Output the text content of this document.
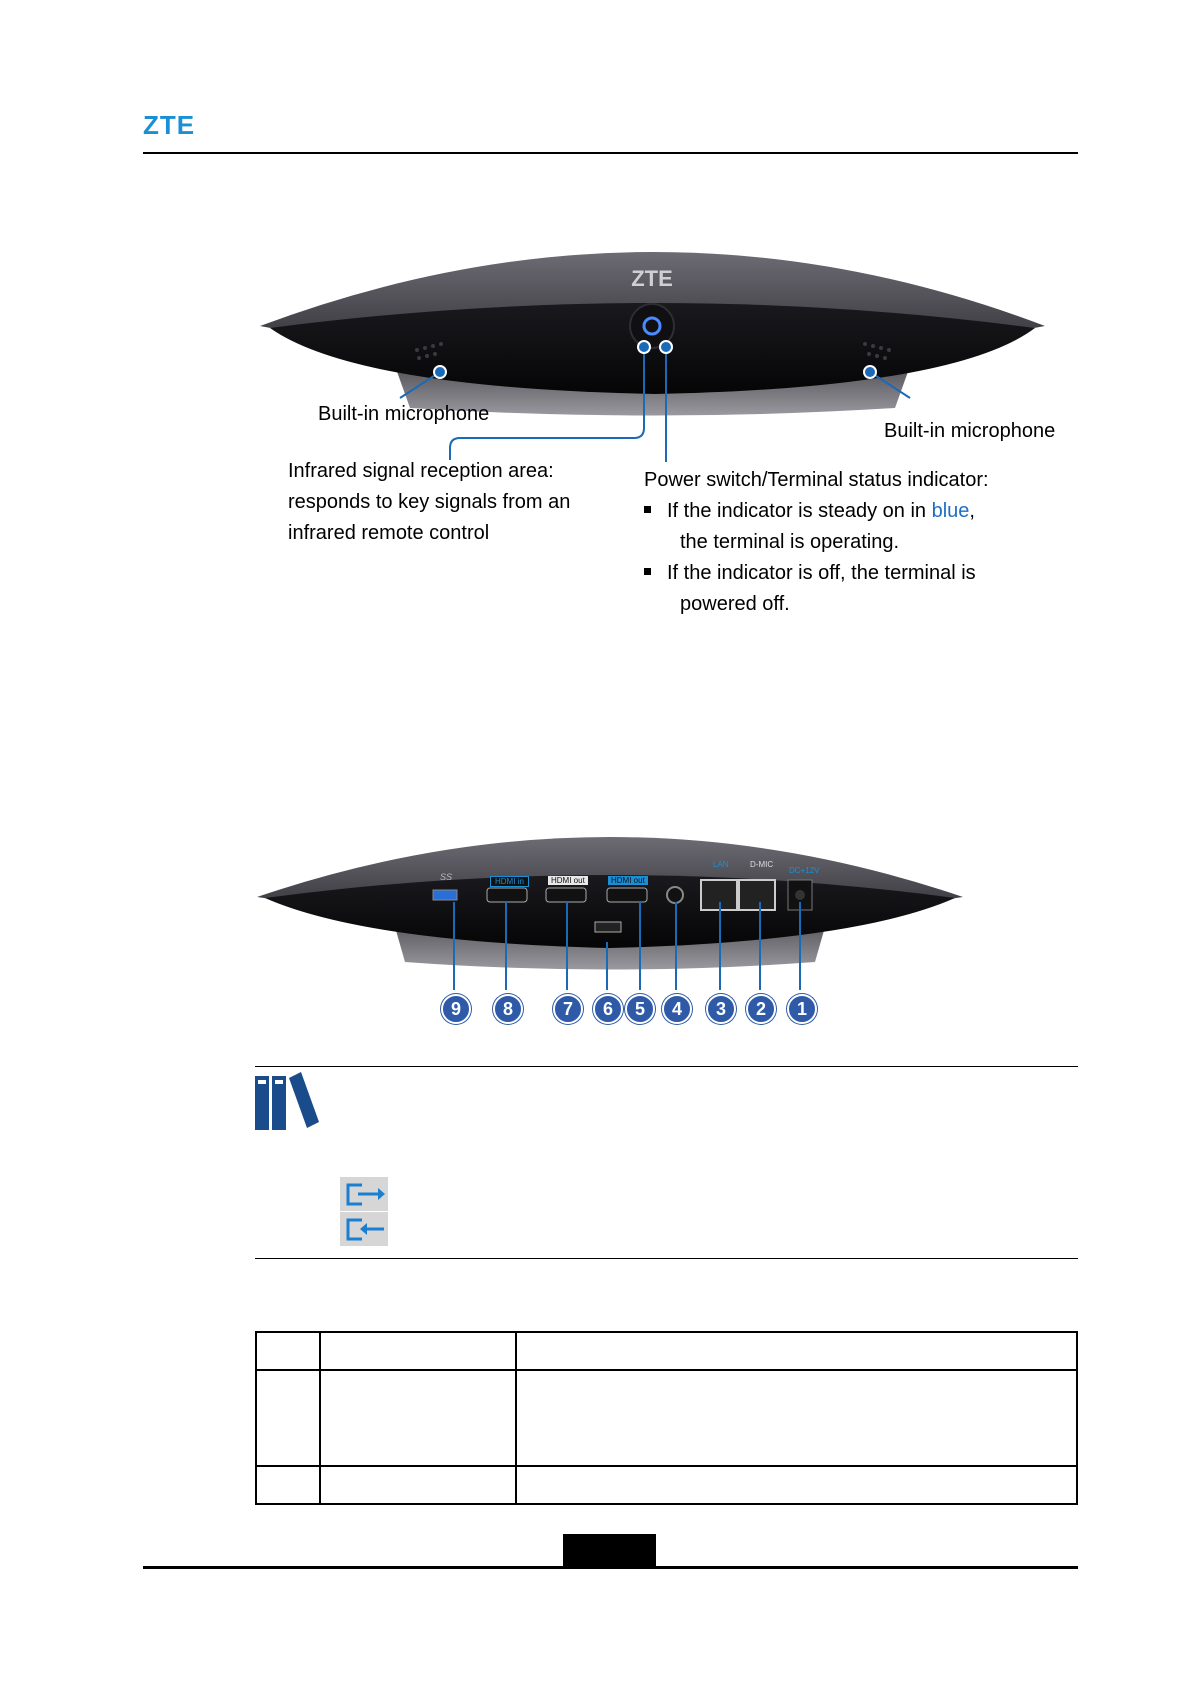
ZTE
ZTE
Built-in microphone
Built-in microphone
Infrared signal reception area:
responds to key signals from an
infrared remote control
Power switch/Terminal status indicator:
If the indicator is steady on in blue,
the terminal is operating.
If the indicator is off, the terminal is
powered off.
SS	HDMI in	HDMI out	HDMI out
LAN	D-MIC
DC+12V
9	8	7	6	5	4	3	2	1
